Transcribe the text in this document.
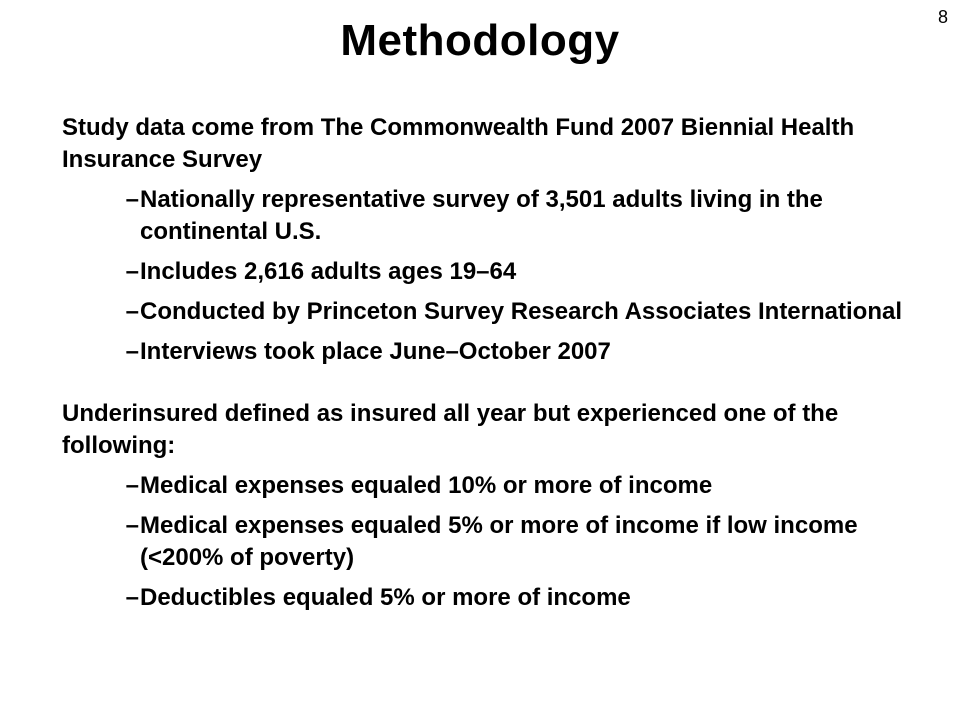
Methodology	8

Study data come from The Commonwealth Fund 2007 Biennial Health Insurance Survey

– Nationally representative survey of 3,501 adults living in the continental U.S.
– Includes 2,616 adults ages 19–64
– Conducted by Princeton Survey Research Associates International
– Interviews took place June–October 2007

Underinsured defined as insured all year but experienced one of the following:

– Medical expenses equaled 10% or more of income
– Medical expenses equaled 5% or more of income if low income (<200% of poverty)
– Deductibles equaled 5% or more of income
